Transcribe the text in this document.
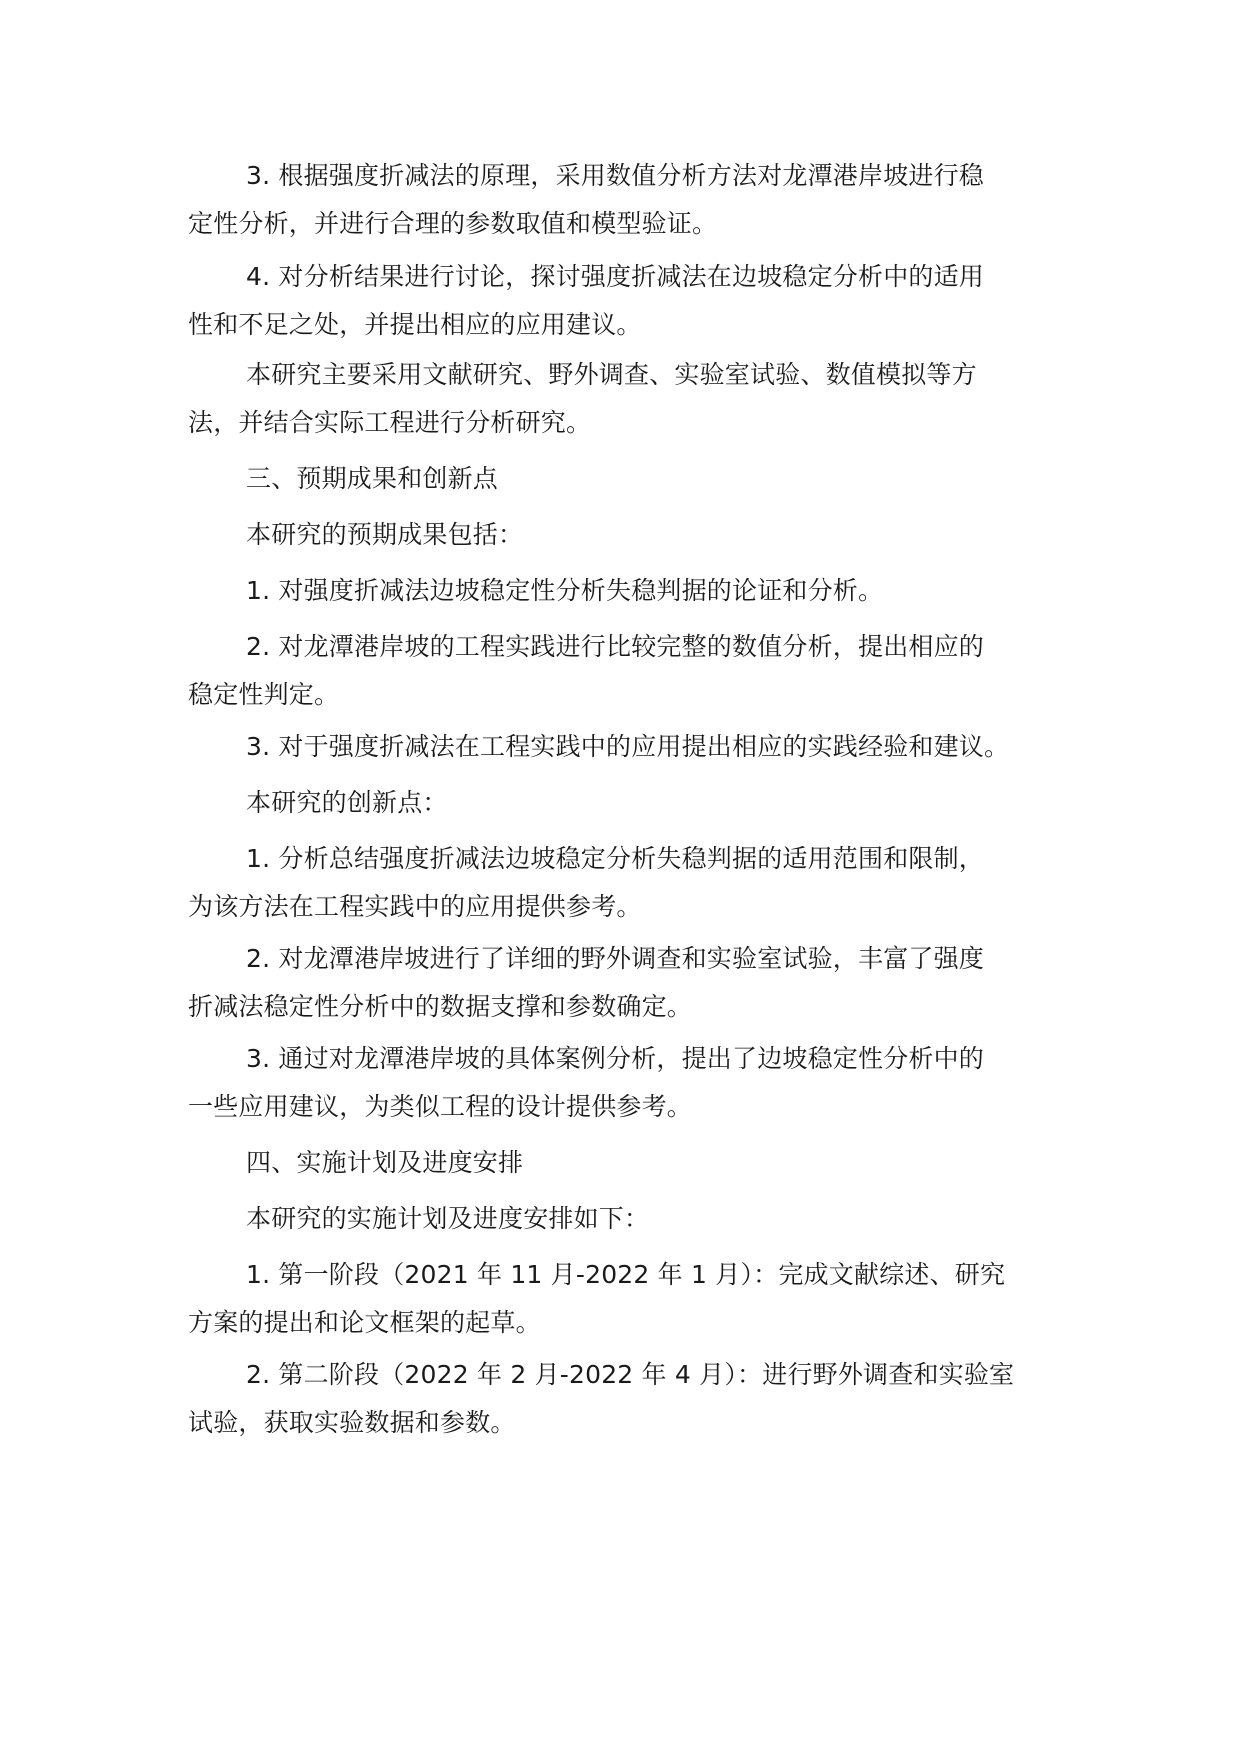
3. 根据强度折减法的原理，采用数值分析方法对龙潭港岸坡进行稳
定性分析，并进行合理的参数取值和模型验证。
4. 对分析结果进行讨论，探讨强度折减法在边坡稳定分析中的适用
性和不足之处，并提出相应的应用建议。
本研究主要采用文献研究、野外调查、实验室试验、数值模拟等方
法，并结合实际工程进行分析研究。
三、预期成果和创新点
本研究的预期成果包括：
1. 对强度折减法边坡稳定性分析失稳判据的论证和分析。
2. 对龙潭港岸坡的工程实践进行比较完整的数值分析，提出相应的
稳定性判定。
3. 对于强度折减法在工程实践中的应用提出相应的实践经验和建议。
本研究的创新点：
1. 分析总结强度折减法边坡稳定分析失稳判据的适用范围和限制，
为该方法在工程实践中的应用提供参考。
2. 对龙潭港岸坡进行了详细的野外调查和实验室试验，丰富了强度
折减法稳定性分析中的数据支撑和参数确定。
3. 通过对龙潭港岸坡的具体案例分析，提出了边坡稳定性分析中的
一些应用建议，为类似工程的设计提供参考。
四、实施计划及进度安排
本研究的实施计划及进度安排如下：
1. 第一阶段（2021 年 11 月-2022 年 1 月）：完成文献综述、研究
方案的提出和论文框架的起草。
2. 第二阶段（2022 年 2 月-2022 年 4 月）：进行野外调查和实验室
试验，获取实验数据和参数。
